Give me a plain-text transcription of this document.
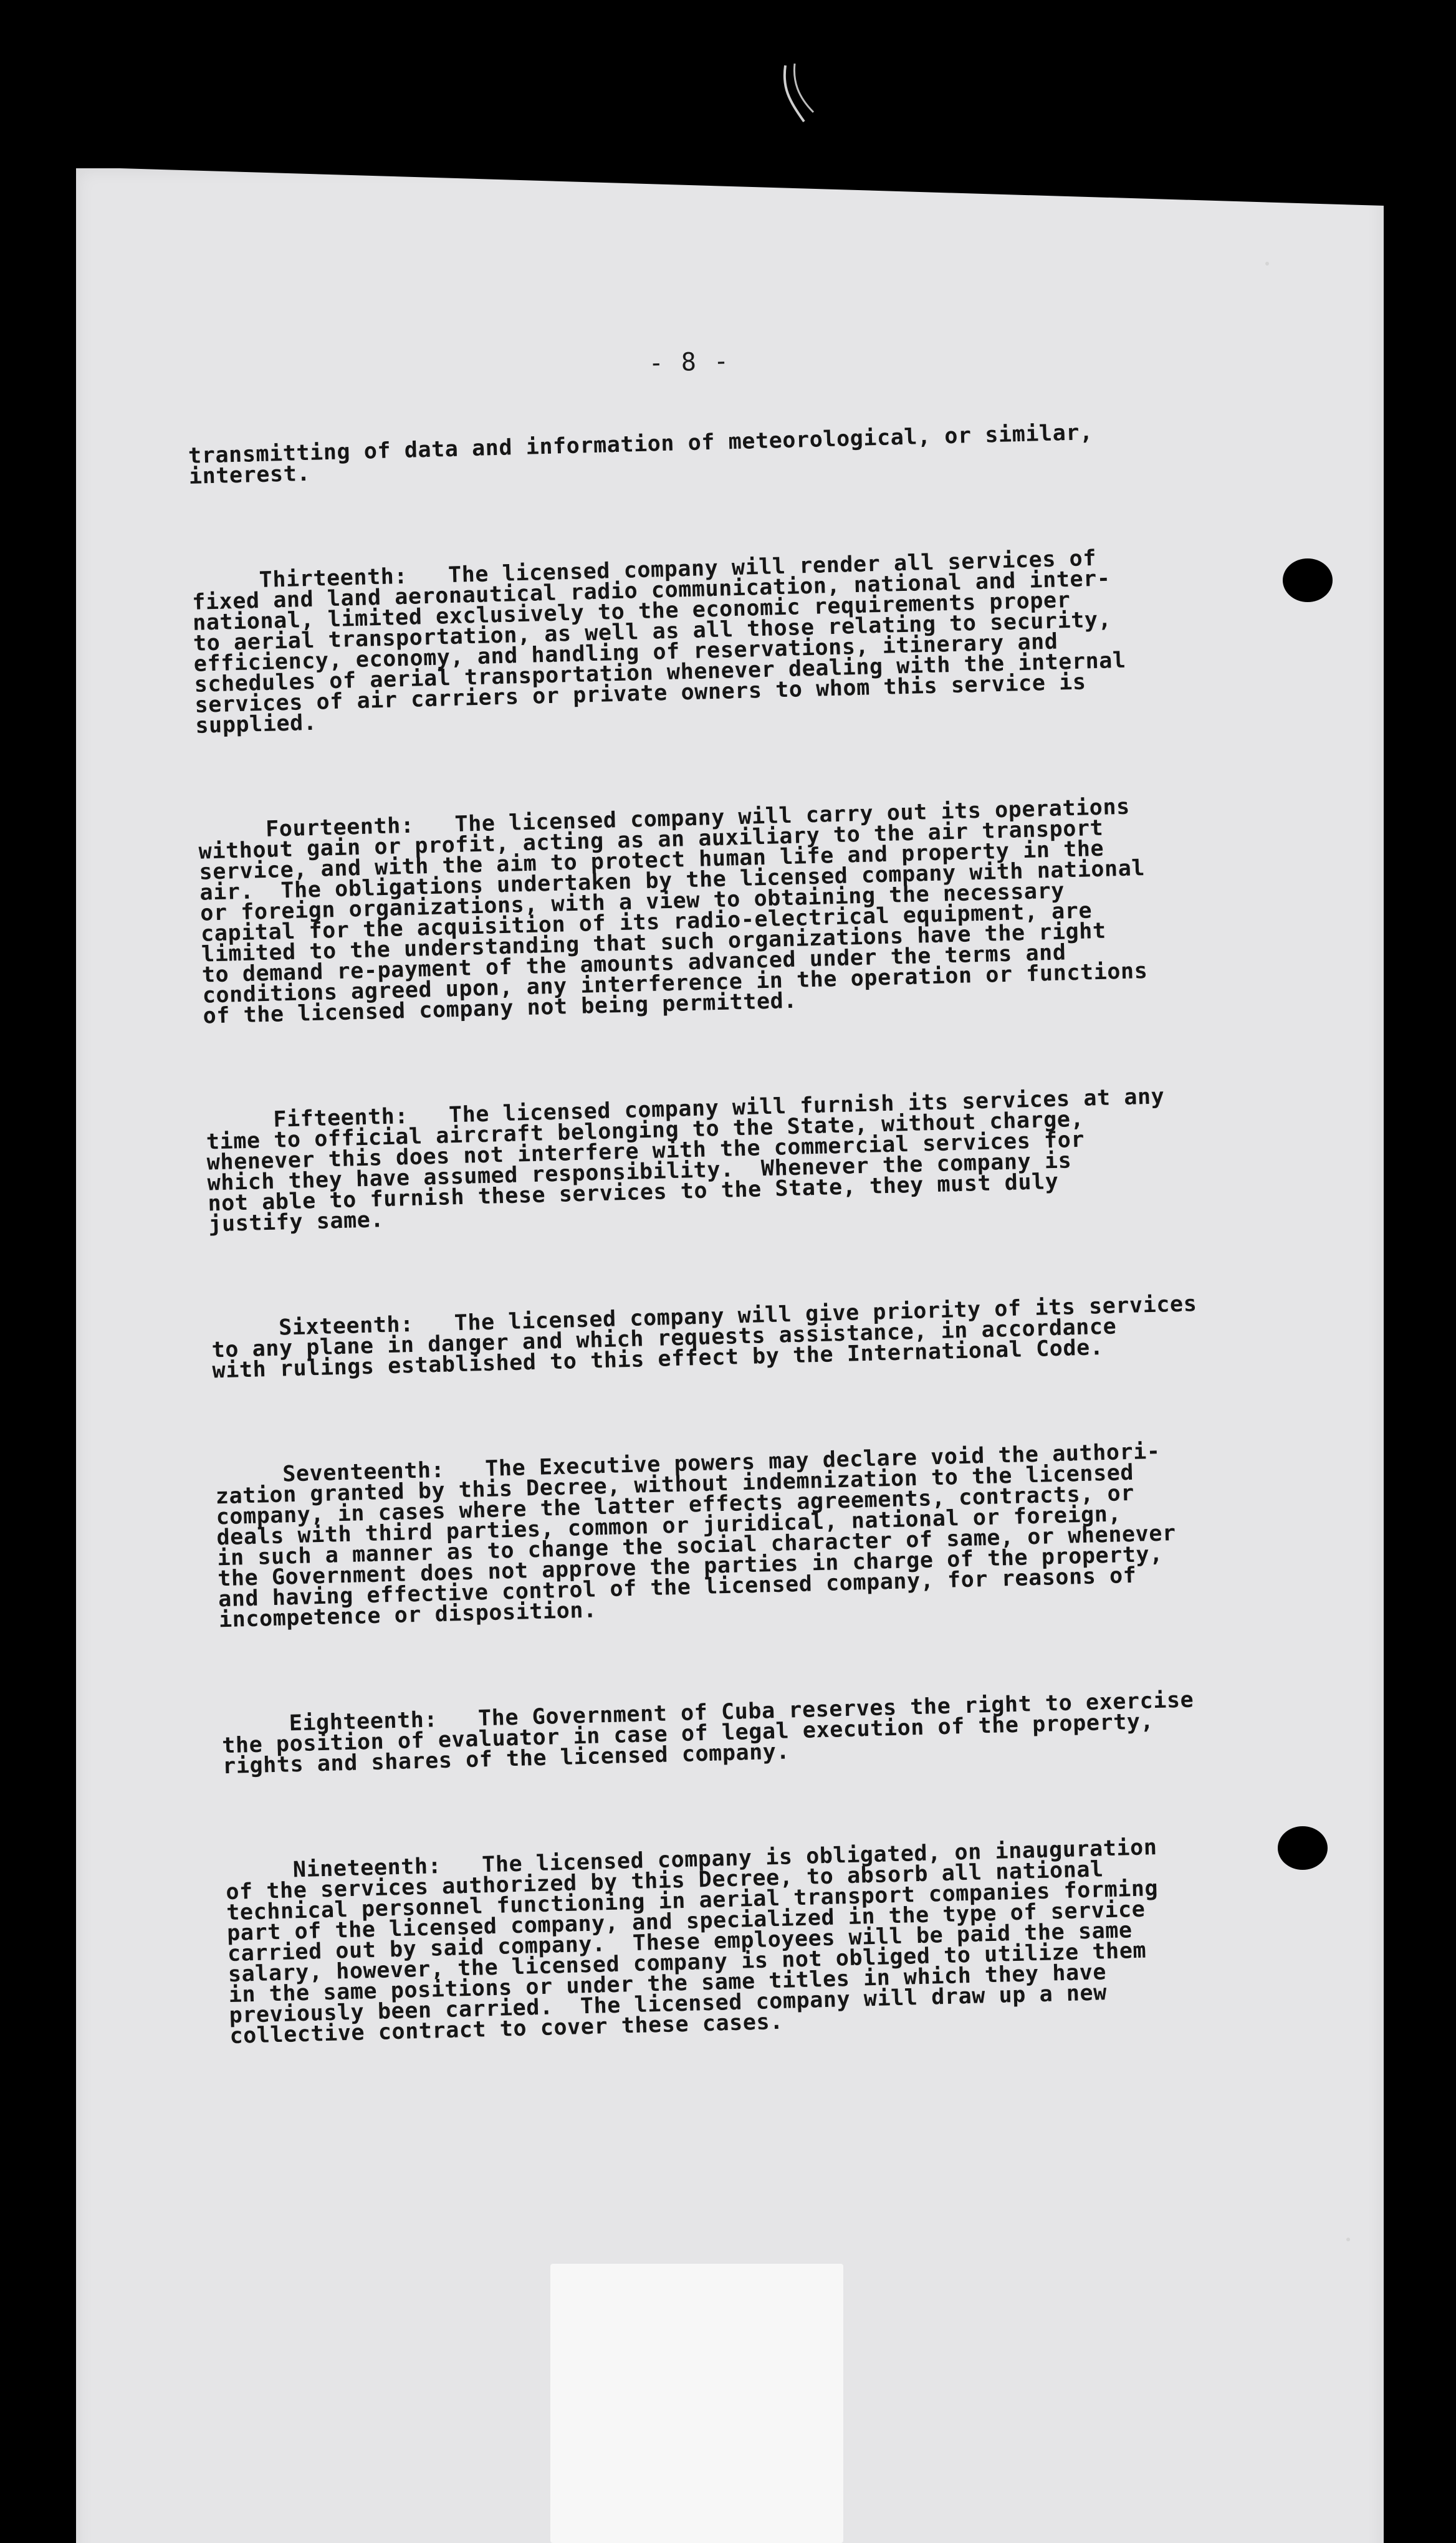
- 8 -

transmitting of data and information of meteorological, or similar,
interest.

Thirteenth:   The licensed company will render all services of
fixed and land aeronautical radio communication, national and inter-
national, limited exclusively to the economic requirements proper
to aerial transportation, as well as all those relating to security,
efficiency, economy, and handling of reservations, itinerary and
schedules of aerial transportation whenever dealing with the internal
services of air carriers or private owners to whom this service is
supplied.

Fourteenth:   The licensed company will carry out its operations
without gain or profit, acting as an auxiliary to the air transport
service, and with the aim to protect human life and property in the
air.  The obligations undertaken by the licensed company with national
or foreign organizations, with a view to obtaining the necessary
capital for the acquisition of its radio-electrical equipment, are
limited to the understanding that such organizations have the right
to demand re-payment of the amounts advanced under the terms and
conditions agreed upon, any interference in the operation or functions
of the licensed company not being permitted.

Fifteenth:   The licensed company will furnish its services at any
time to official aircraft belonging to the State, without charge,
whenever this does not interfere with the commercial services for
which they have assumed responsibility.  Whenever the company is
not able to furnish these services to the State, they must duly
justify same.

Sixteenth:   The licensed company will give priority of its services
to any plane in danger and which requests assistance, in accordance
with rulings established to this effect by the International Code.

Seventeenth:   The Executive powers may declare void the authori-
zation granted by this Decree, without indemnization to the licensed
company, in cases where the latter effects agreements, contracts, or
deals with third parties, common or juridical, national or foreign,
in such a manner as to change the social character of same, or whenever
the Government does not approve the parties in charge of the property,
and having effective control of the licensed company, for reasons of
incompetence or disposition.

Eighteenth:   The Government of Cuba reserves the right to exercise
the position of evaluator in case of legal execution of the property,
rights and shares of the licensed company.

Nineteenth:   The licensed company is obligated, on inauguration
of the services authorized by this Decree, to absorb all national
technical personnel functioning in aerial transport companies forming
part of the licensed company, and specialized in the type of service
carried out by said company.  These employees will be paid the same
salary, however, the licensed company is not obliged to utilize them
in the same positions or under the same titles in which they have
previously been carried.  The licensed company will draw up a new
collective contract to cover these cases.
